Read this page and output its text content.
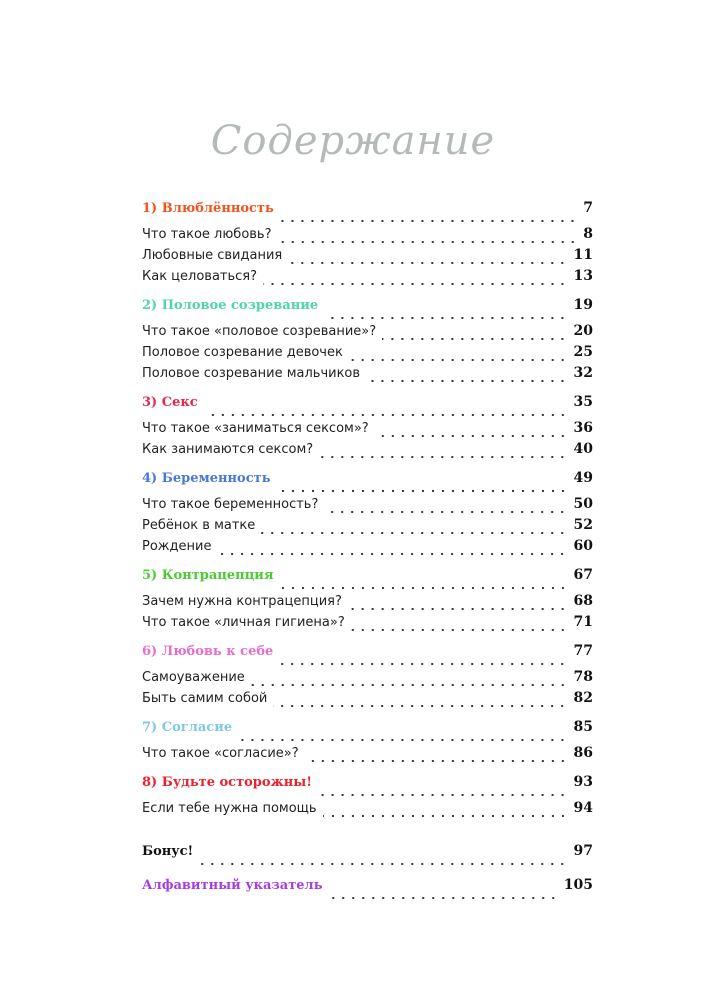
Содержание
1) Влюблённость	7
Что такое любовь?	8
Любовные свидания	11
Как целоваться?	13
2) Половое созревание	19
Что такое «половое созревание»?	20
Половое созревание девочек	25
Половое созревание мальчиков	32
3) Секс	35
Что такое «заниматься сексом»?	36
Как занимаются сексом?	40
4) Беременность	49
Что такое беременность?	50
Ребёнок в матке	52
Рождение	60
5) Контрацепция	67
Зачем нужна контрацепция?	68
Что такое «личная гигиена»?	71
6) Любовь к себе	77
Самоуважение	78
Быть самим собой	82
7) Согласие	85
Что такое «согласие»?	86
8) Будьте осторожны!	93
Если тебе нужна помощь	94
Бонус!	97
Алфавитный указатель	105
